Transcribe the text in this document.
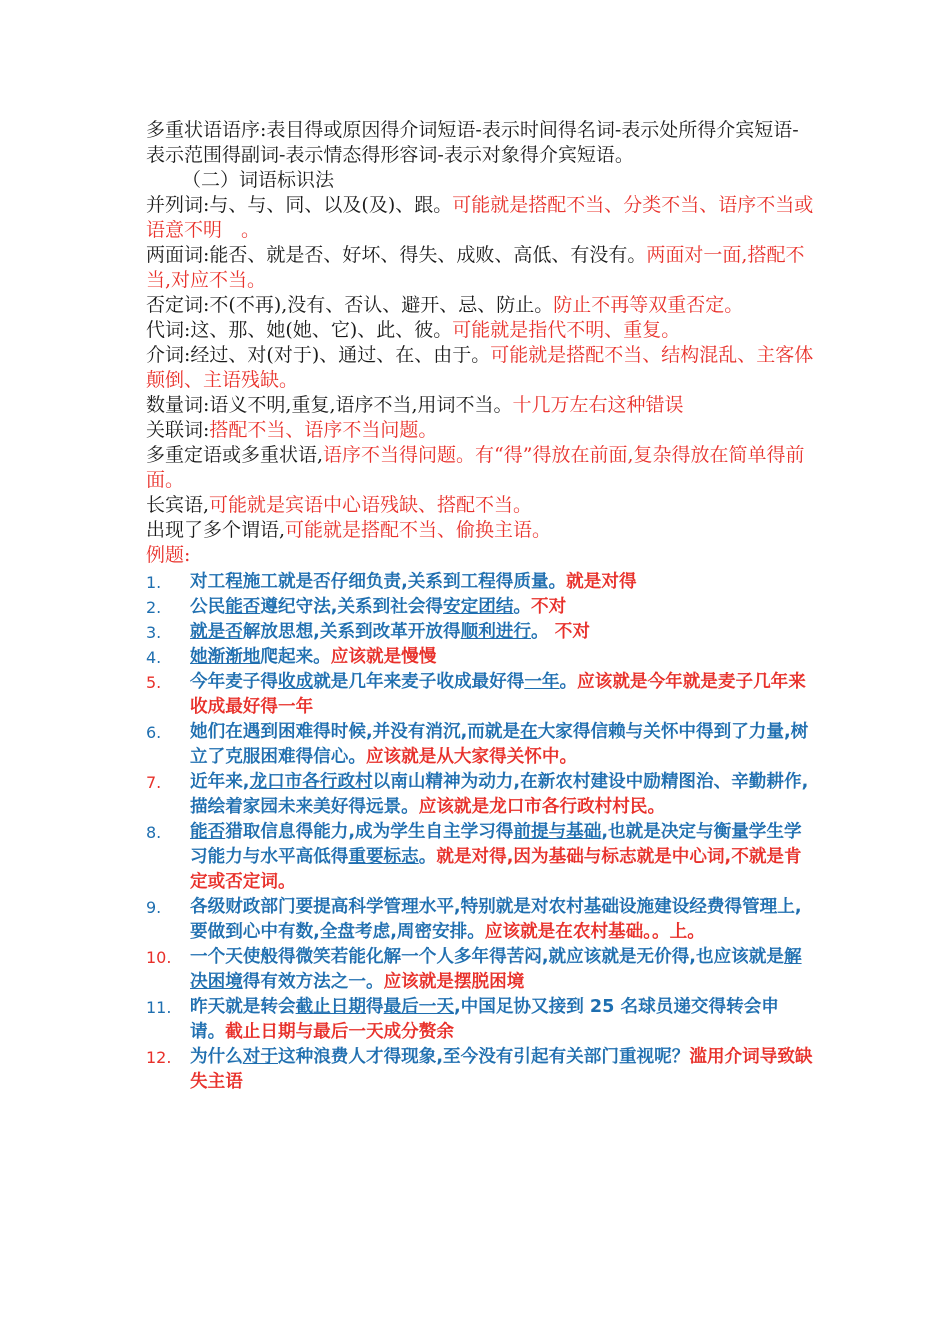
多重状语语序:表目得或原因得介词短语-表示时间得名词-表示处所得介宾短语-表示范围得副词-表示情态得形容词-表示对象得介宾短语。

（二）词语标识法

并列词:与、与、同、以及(及)、跟。可能就是搭配不当、分类不当、语序不当或语意不明　。

两面词:能否、就是否、好坏、得失、成败、高低、有没有。两面对一面,搭配不当,对应不当。

否定词:不(不再),没有、否认、避开、忌、防止。防止不再等双重否定。

代词:这、那、她(她、它)、此、彼。可能就是指代不明、重复。

介词:经过、对(对于)、通过、在、由于。可能就是搭配不当、结构混乱、主客体颠倒、主语残缺。

数量词:语义不明,重复,语序不当,用词不当。十几万左右这种错误

关联词:搭配不当、语序不当问题。

多重定语或多重状语,语序不当得问题。有“得”得放在前面,复杂得放在简单得前面。

长宾语,可能就是宾语中心语残缺、搭配不当。

出现了多个谓语,可能就是搭配不当、偷换主语。

例题:

1. 对工程施工就是否仔细负责,关系到工程得质量。就是对得
2. 公民能否遵纪守法,关系到社会得安定团结。不对
3. 就是否解放思想,关系到改革开放得顺利进行。 不对
4. 她渐渐地爬起来。应该就是慢慢
5. 今年麦子得收成就是几年来麦子收成最好得一年。应该就是今年就是麦子几年来收成最好得一年
6. 她们在遇到困难得时候,并没有消沉,而就是在大家得信赖与关怀中得到了力量,树立了克服困难得信心。应该就是从大家得关怀中。
7. 近年来,龙口市各行政村以南山精神为动力,在新农村建设中励精图治、辛勤耕作,描绘着家园未来美好得远景。应该就是龙口市各行政村村民。
8. 能否猎取信息得能力,成为学生自主学习得前提与基础,也就是决定与衡量学生学习能力与水平高低得重要标志。就是对得,因为基础与标志就是中心词,不就是肯定或否定词。
9. 各级财政部门要提高科学管理水平,特别就是对农村基础设施建设经费得管理上,要做到心中有数,全盘考虑,周密安排。应该就是在农村基础。。上。
10. 一个天使般得微笑若能化解一个人多年得苦闷,就应该就是无价得,也应该就是解决困境得有效方法之一。应该就是摆脱困境
11. 昨天就是转会截止日期得最后一天,中国足协又接到 25 名球员递交得转会申请。截止日期与最后一天成分赘余
12. 为什么对于这种浪费人才得现象,至今没有引起有关部门重视呢？滥用介词导致缺失主语
